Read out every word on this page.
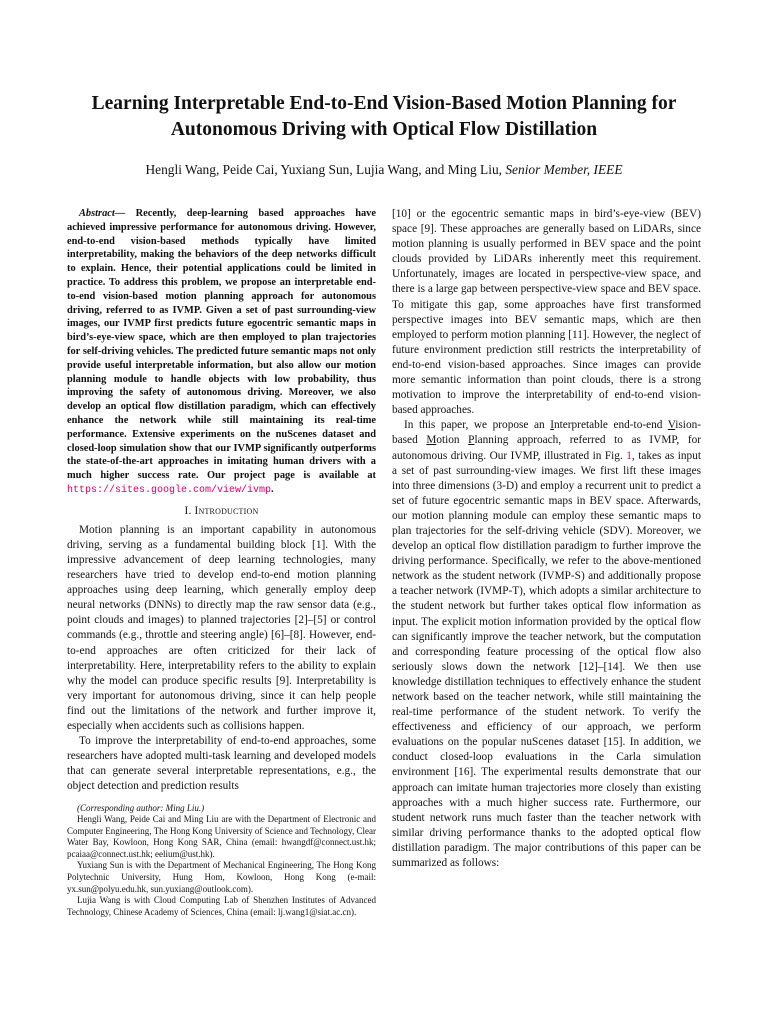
Learning Interpretable End-to-End Vision-Based Motion Planning for
Autonomous Driving with Optical Flow Distillation
Hengli Wang, Peide Cai, Yuxiang Sun, Lujia Wang, and Ming Liu, Senior Member, IEEE

Abstract— Recently, deep-learning based approaches have achieved impressive performance for autonomous driving. However, end-to-end vision-based methods typically have limited interpretability, making the behaviors of the deep networks difficult to explain. Hence, their potential applications could be limited in practice. To address this problem, we propose an interpretable end-to-end vision-based motion planning approach for autonomous driving, referred to as IVMP. Given a set of past surrounding-view images, our IVMP first predicts future egocentric semantic maps in bird’s-eye-view space, which are then employed to plan trajectories for self-driving vehicles. The predicted future semantic maps not only provide useful interpretable information, but also allow our motion planning module to handle objects with low probability, thus improving the safety of autonomous driving. Moreover, we also develop an optical flow distillation paradigm, which can effectively enhance the network while still maintaining its real-time performance. Extensive experiments on the nuScenes dataset and closed-loop simulation show that our IVMP significantly outperforms the state-of-the-art approaches in imitating human drivers with a much higher success rate. Our project page is available at https://sites.google.com/view/ivmp.

I. Introduction

Motion planning is an important capability in autonomous driving, serving as a fundamental building block [1]. With the impressive advancement of deep learning technologies, many researchers have tried to develop end-to-end motion planning approaches using deep learning, which generally employ deep neural networks (DNNs) to directly map the raw sensor data (e.g., point clouds and images) to planned trajectories [2]–[5] or control commands (e.g., throttle and steering angle) [6]–[8]. However, end-to-end approaches are often criticized for their lack of interpretability. Here, interpretability refers to the ability to explain why the model can produce specific results [9]. Interpretability is very important for autonomous driving, since it can help people find out the limitations of the network and further improve it, especially when accidents such as collisions happen.

To improve the interpretability of end-to-end approaches, some researchers have adopted multi-task learning and developed models that can generate several interpretable representations, e.g., the object detection and prediction results

(Corresponding author: Ming Liu.)

Hengli Wang, Peide Cai and Ming Liu are with the Department of Electronic and Computer Engineering, The Hong Kong University of Science and Technology, Clear Water Bay, Kowloon, Hong Kong SAR, China (email: hwangdf@connect.ust.hk; pcaiaa@connect.ust.hk; eelium@ust.hk).

Yuxiang Sun is with the Department of Mechanical Engineering, The Hong Kong Polytechnic University, Hung Hom, Kowloon, Hong Kong (e-mail: yx.sun@polyu.edu.hk, sun.yuxiang@outlook.com).

Lujia Wang is with Cloud Computing Lab of Shenzhen Institutes of Advanced Technology, Chinese Academy of Sciences, China (email: lj.wang1@siat.ac.cn).

[10] or the egocentric semantic maps in bird’s-eye-view (BEV) space [9]. These approaches are generally based on LiDARs, since motion planning is usually performed in BEV space and the point clouds provided by LiDARs inherently meet this requirement. Unfortunately, images are located in perspective-view space, and there is a large gap between perspective-view space and BEV space. To mitigate this gap, some approaches have first transformed perspective images into BEV semantic maps, which are then employed to perform motion planning [11]. However, the neglect of future environment prediction still restricts the interpretability of end-to-end vision-based approaches. Since images can provide more semantic information than point clouds, there is a strong motivation to improve the interpretability of end-to-end vision-based approaches.

In this paper, we propose an Interpretable end-to-end Vision-based Motion Planning approach, referred to as IVMP, for autonomous driving. Our IVMP, illustrated in Fig. 1, takes as input a set of past surrounding-view images. We first lift these images into three dimensions (3-D) and employ a recurrent unit to predict a set of future egocentric semantic maps in BEV space. Afterwards, our motion planning module can employ these semantic maps to plan trajectories for the self-driving vehicle (SDV). Moreover, we develop an optical flow distillation paradigm to further improve the driving performance. Specifically, we refer to the above-mentioned network as the student network (IVMP-S) and additionally propose a teacher network (IVMP-T), which adopts a similar architecture to the student network but further takes optical flow information as input. The explicit motion information provided by the optical flow can significantly improve the teacher network, but the computation and corresponding feature processing of the optical flow also seriously slows down the network [12]–[14]. We then use knowledge distillation techniques to effectively enhance the student network based on the teacher network, while still maintaining the real-time performance of the student network. To verify the effectiveness and efficiency of our approach, we perform evaluations on the popular nuScenes dataset [15]. In addition, we conduct closed-loop evaluations in the Carla simulation environment [16]. The experimental results demonstrate that our approach can imitate human trajectories more closely than existing approaches with a much higher success rate. Furthermore, our student network runs much faster than the teacher network with similar driving performance thanks to the adopted optical flow distillation paradigm. The major contributions of this paper can be summarized as follows:
